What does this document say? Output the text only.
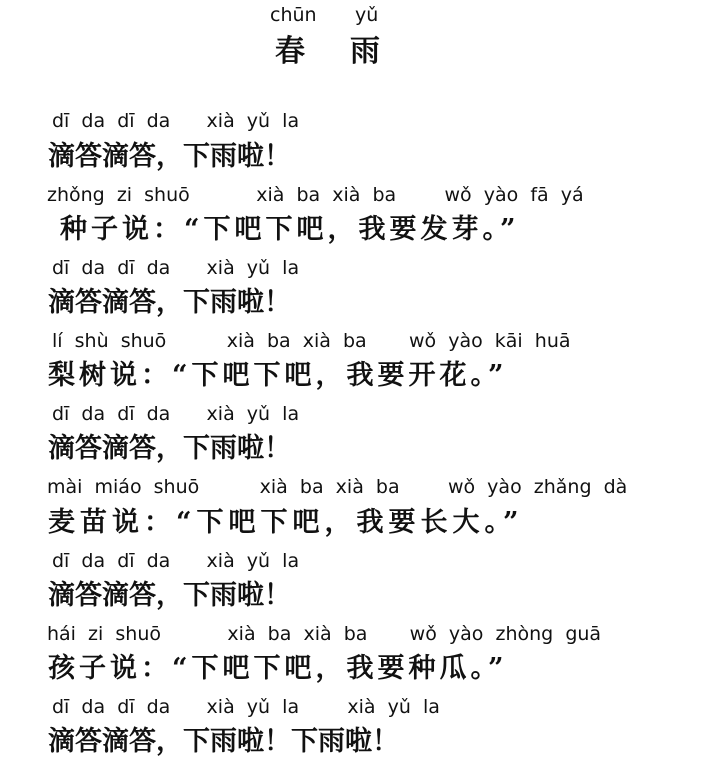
chūn yǔ
春 雨
dī  da  dī  da      xià  yǔ  la
滴答滴答，下雨啦！
zhǒng  zi  shuō           xià  ba  xià  ba        wǒ  yào  fā  yá
种子说：“下吧下吧，我要发芽。”
dī  da  dī  da      xià  yǔ  la
滴答滴答，下雨啦！
lí  shù  shuō          xià  ba  xià  ba       wǒ  yào  kāi  huā
梨树说：“下吧下吧，我要开花。”
dī  da  dī  da      xià  yǔ  la
滴答滴答，下雨啦！
mài  miáo  shuō          xià  ba  xià  ba        wǒ  yào  zhǎng  dà
麦苗说：“下吧下吧，我要长大。”
dī  da  dī  da      xià  yǔ  la
滴答滴答，下雨啦！
hái  zi  shuō           xià  ba  xià  ba       wǒ  yào  zhòng  guā
孩子说：“下吧下吧，我要种瓜。”
dī  da  dī  da      xià  yǔ  la        xià  yǔ  la
滴答滴答，下雨啦！下雨啦！
